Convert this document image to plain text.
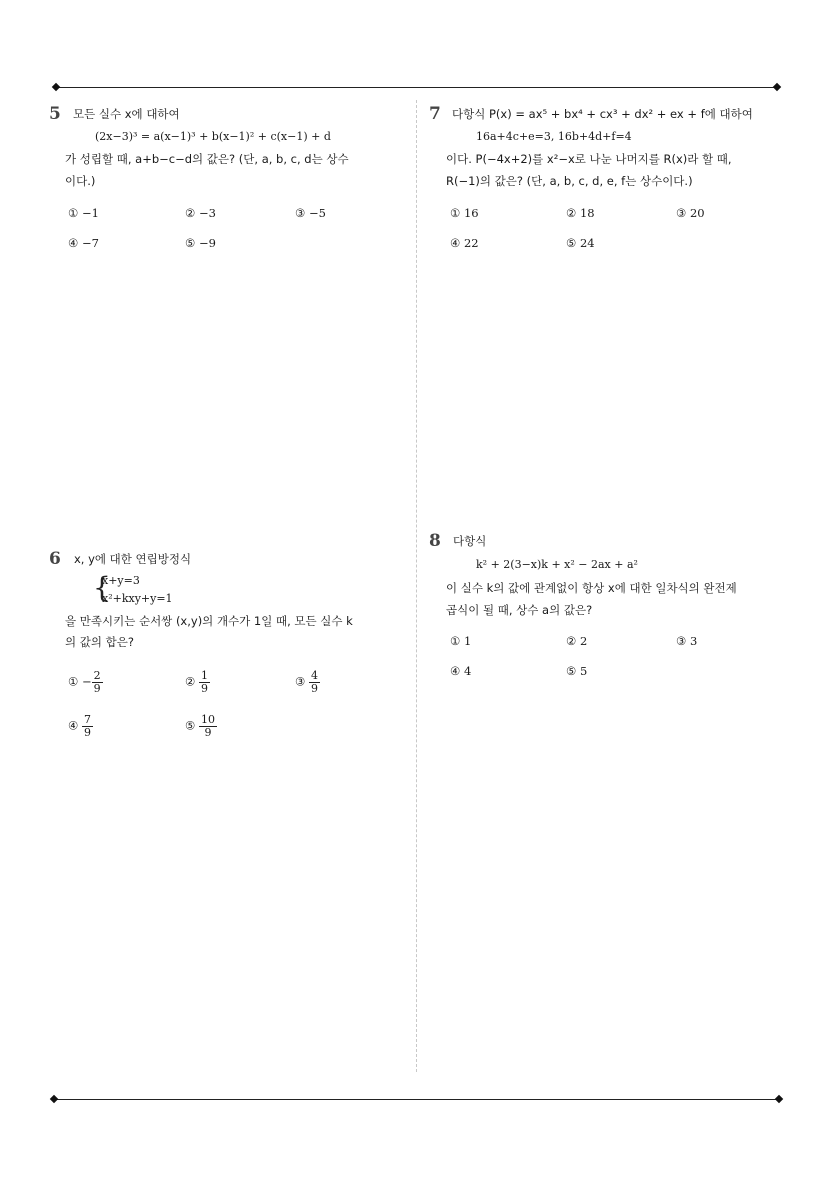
5 모든 실수 x에 대하여
(2x−3)³ = a(x−1)³ + b(x−1)² + c(x−1) + d
가 성립할 때, a+b−c−d의 값은? (단, a, b, c, d는 상수
이다.)
① −1	② −3	③ −5
④ −7	⑤ −9
6 x, y에 대한 연립방정식
{
x+y=3
x²+kxy+y=1
을 만족시키는 순서쌍 (x,y)의 개수가 1일 때, 모든 실수 k
의 값의 합은?
① − $\frac{2}{9}$	② $\frac{1}{9}$	③ $\frac{4}{9}$
④ $\frac{7}{9}$	⑤ $\frac{10}{9}$
7 다항식 P(x) = ax⁵ + bx⁴ + cx³ + dx² + ex + f에 대하여
16a+4c+e=3, 16b+4d+f=4
이다. P(−4x+2)를 x²−x로 나눈 나머지를 R(x)라 할 때,
R(−1)의 값은? (단, a, b, c, d, e, f는 상수이다.)
① 16	② 18	③ 20
④ 22	⑤ 24
8 다항식
k² + 2(3−x)k + x² − 2ax + a²
이 실수 k의 값에 관계없이 항상 x에 대한 일차식의 완전제
곱식이 될 때, 상수 a의 값은?
① 1	② 2	③ 3
④ 4	⑤ 5
